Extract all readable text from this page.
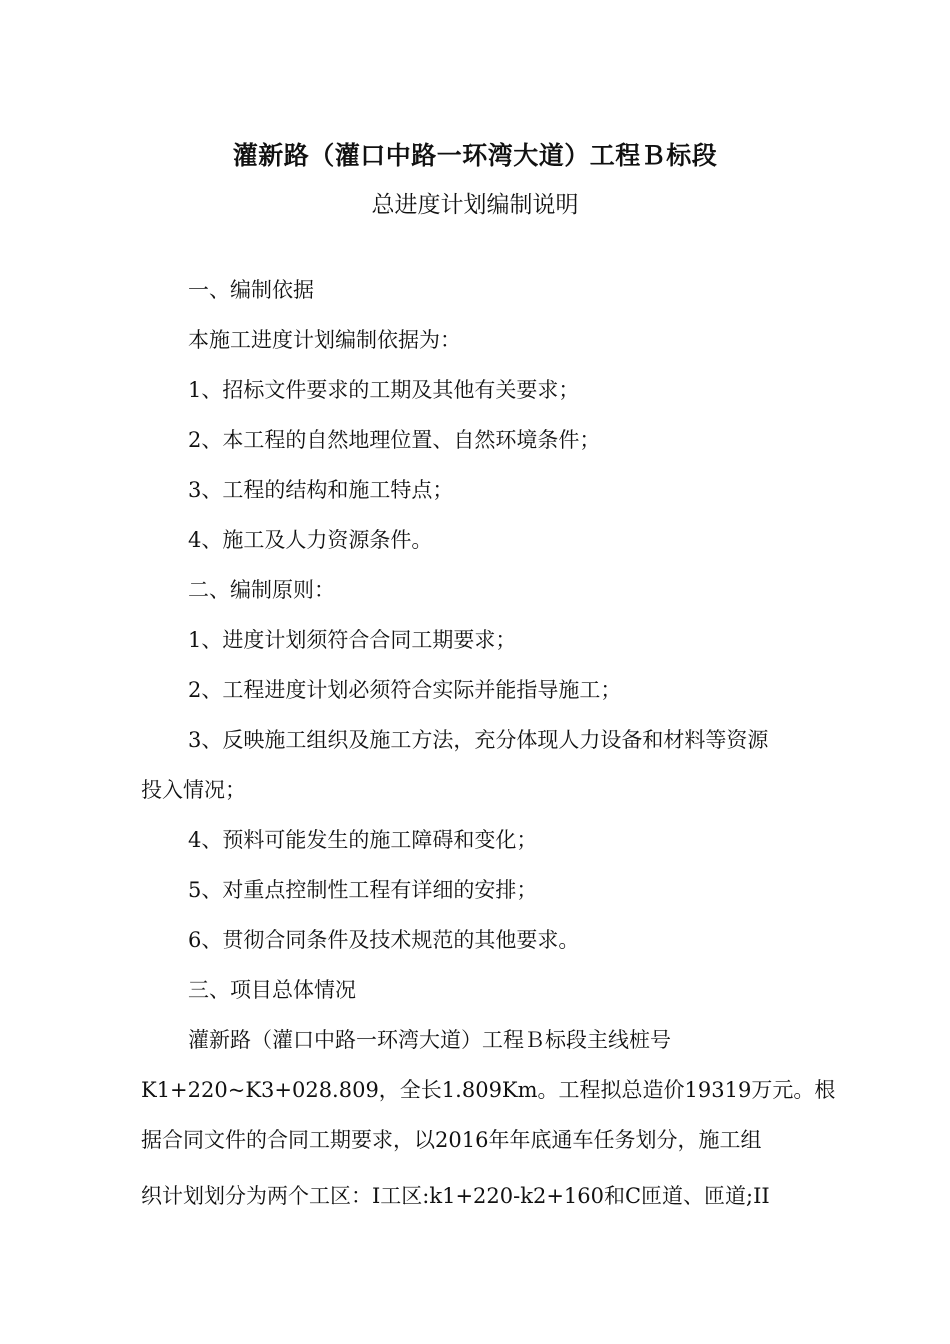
灌新路（灌口中路一环湾大道）工程Ｂ标段
总进度计划编制说明
一、编制依据
本施工进度计划编制依据为：
1、招标文件要求的工期及其他有关要求；
2、本工程的自然地理位置、自然环境条件；
3、工程的结构和施工特点；
4、施工及人力资源条件。
二、编制原则：
1、进度计划须符合合同工期要求；
2、工程进度计划必须符合实际并能指导施工；
3、反映施工组织及施工方法，充分体现人力设备和材料等资源
投入情况；
4、预料可能发生的施工障碍和变化；
5、对重点控制性工程有详细的安排；
6、贯彻合同条件及技术规范的其他要求。
三、项目总体情况
灌新路（灌口中路一环湾大道）工程Ｂ标段主线桩号
K1+220~K3+028.809，全长1.809Km。工程拟总造价19319万元。根
据合同文件的合同工期要求，以2016年年底通车任务划分，施工组
织计划划分为两个工区：Ⅰ工区:k1+220-k2+160和C匝道、匝道;II
